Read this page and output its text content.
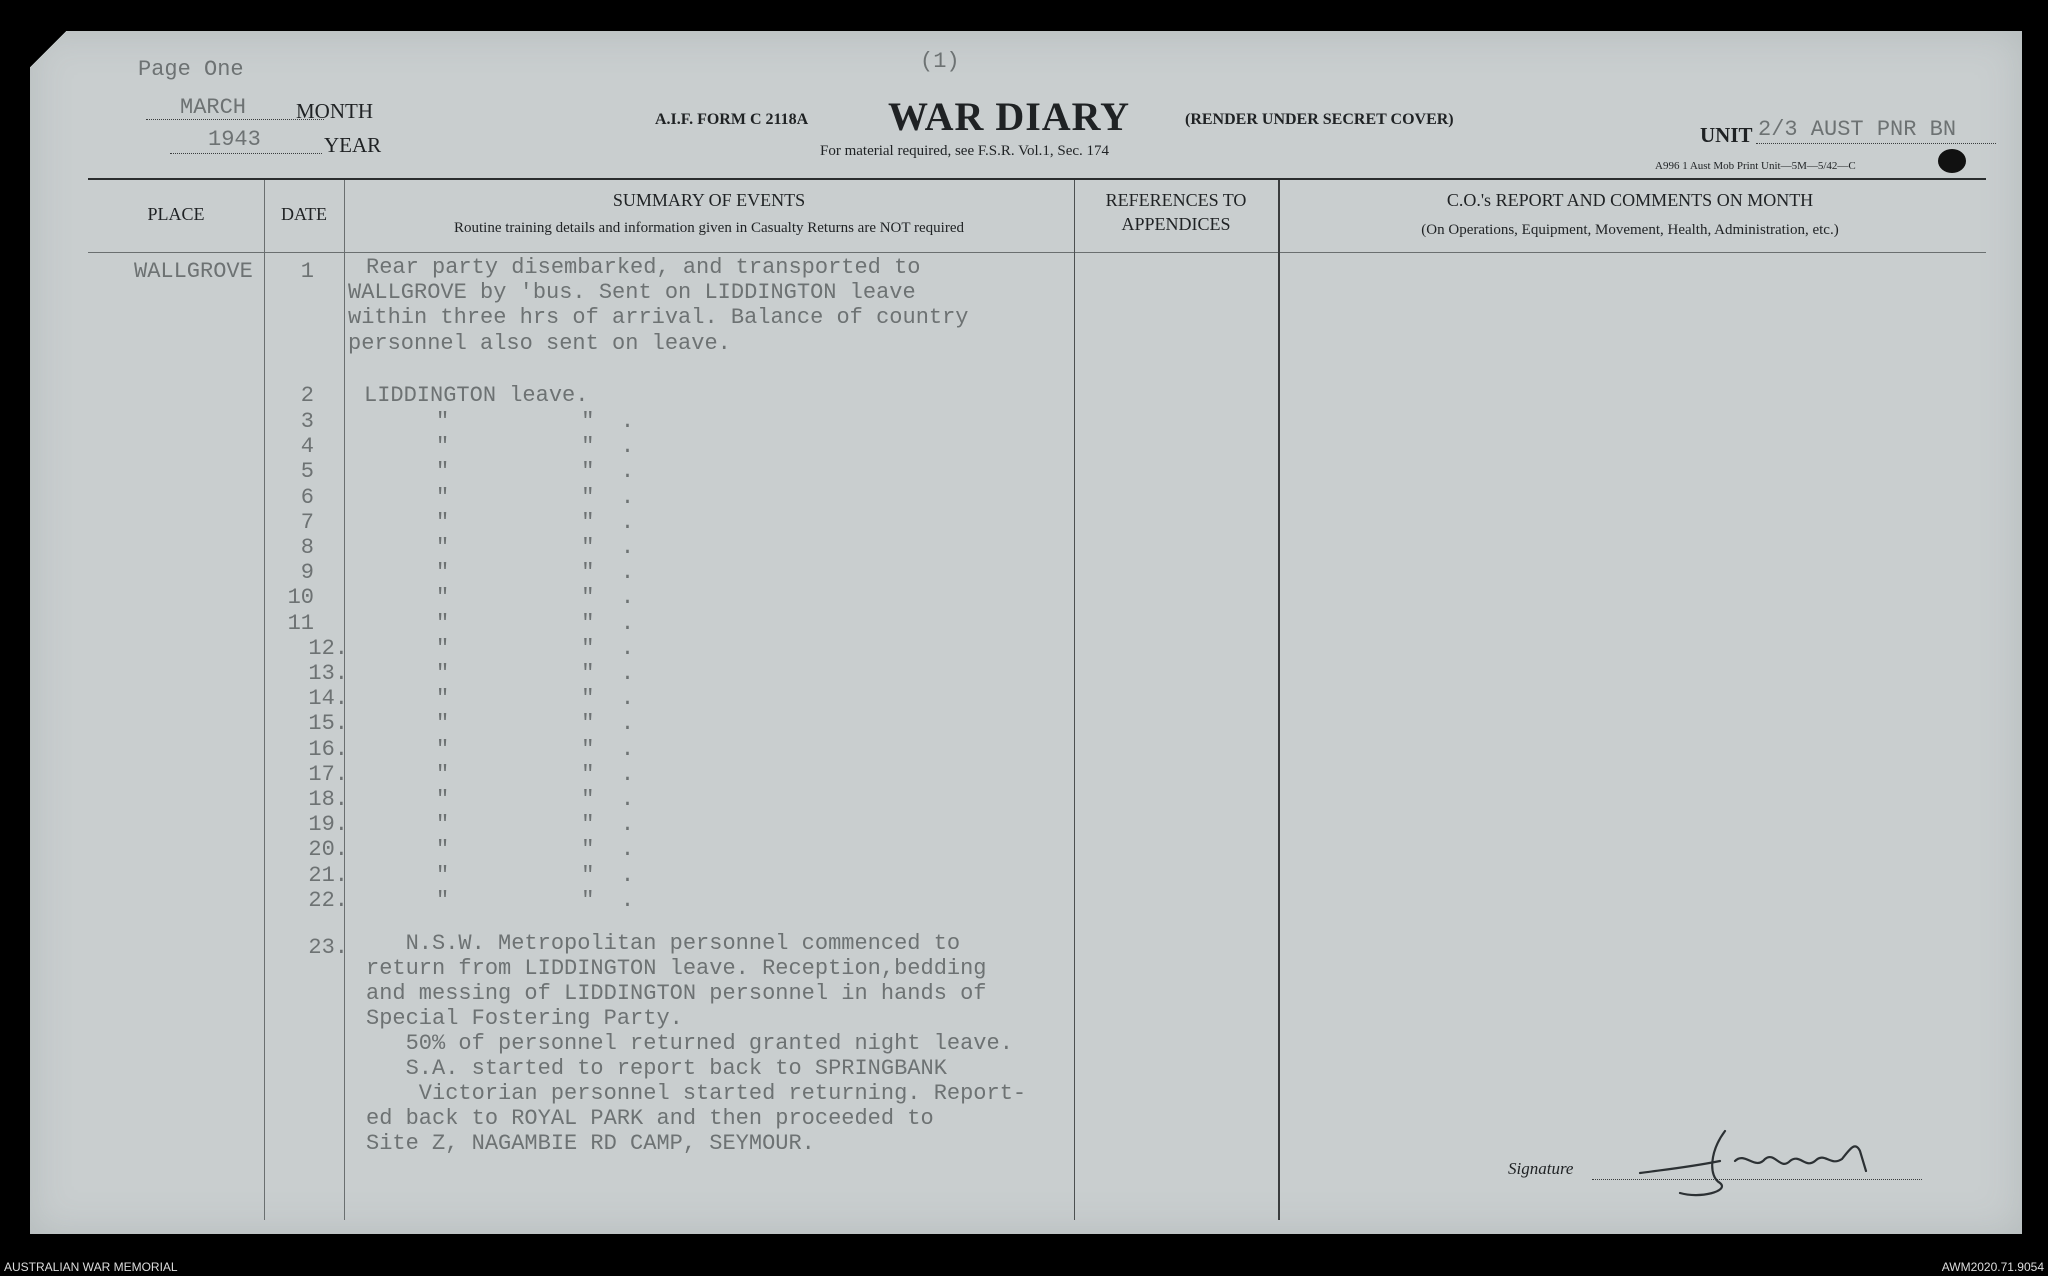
Page One	(1)
MARCH MONTH
1943	YEAR
A.I.F. FORM C 2118A WAR DIARY	(RENDER UNDER SECRET COVER)
For material required, see F.S.R. Vol.1, Sec. 174
UNIT 2/3 AUST PNR BN
A996 1 Aust Mob Print Unit—5M—5/42—C
PLACE	DATE
SUMMARY OF EVENTS
Routine training details and information given in Casualty Returns are NOT required
REFERENCES TO
APPENDICES
C.O.'s REPORT AND COMMENTS ON MONTH
(On Operations, Equipment, Movement, Health, Administration, etc.)
WALLGROVE	1 Rear party disembarked, and transported to
WALLGROVE by 'bus. Sent on LIDDINGTON leave
within three hrs of arrival. Balance of country
personnel also sent on leave.
2 LIDDINGTON leave.
3	"          "  .
4	"          "  .
5	"          "  .
6	"          "  .
7	"          "  .
8	"          "  .
9	"          "  .
10	"          "  .
11	"          "  .
12.	"          "  .
13.	"          "  .
14.	"          "  .
15.	"          "  .
16.	"          "  .
17.	"          "  .
18.	"          "  .
19.	"          "  .
20.	"          "  .
21.	"          "  .
22.	"          "  .
23. N.S.W. Metropolitan personnel commenced to
return from LIDDINGTON leave. Reception,bedding
and messing of LIDDINGTON personnel in hands of
Special Fostering Party.
50% of personnel returned granted night leave.
S.A. started to report back to SPRINGBANK
Victorian personnel started returning. Report-
ed back to ROYAL PARK and then proceeded to
Site Z, NAGAMBIE RD CAMP, SEYMOUR.
Signature
AUSTRALIAN WAR MEMORIAL	AWM2020.71.9054
